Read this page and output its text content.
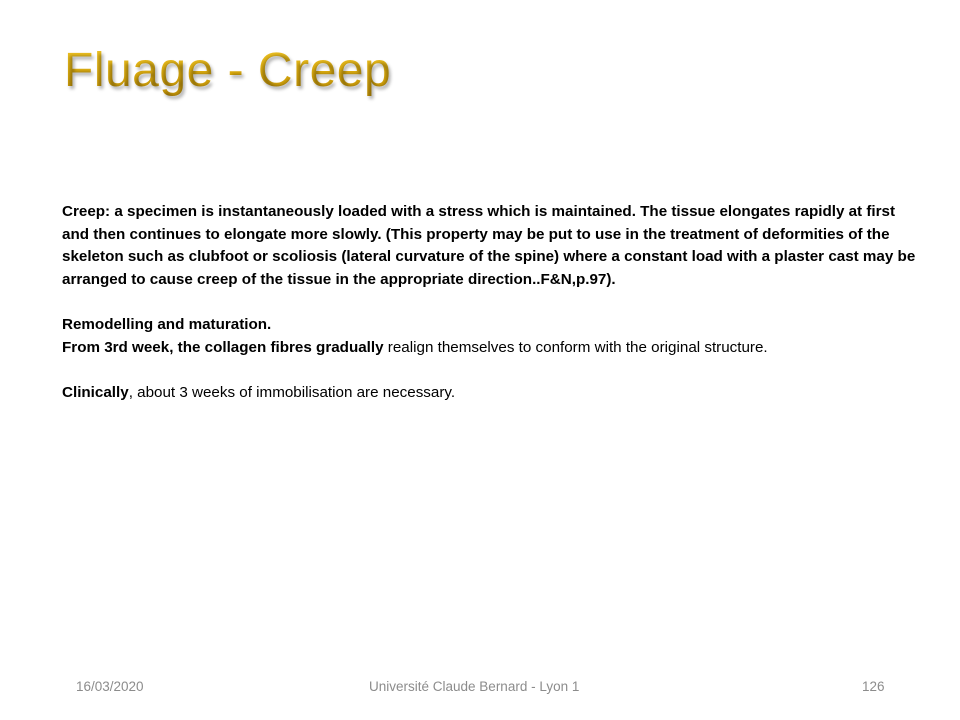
Fluage - Creep

Creep: a specimen is instantaneously loaded with a stress which is maintained. The tissue elongates rapidly at first and then continues to elongate more slowly. (This property may be put to use in the treatment of deformities of the skeleton such as clubfoot or scoliosis (lateral curvature of the spine) where a constant load with a plaster cast may be arranged to cause creep of the tissue in the appropriate direction..F&N,p.97).

Remodelling and maturation.
From 3rd week, the collagen fibres gradually realign themselves to conform with the original structure.

Clinically, about 3 weeks of immobilisation are necessary.

16/03/2020	Université Claude Bernard - Lyon 1	126
